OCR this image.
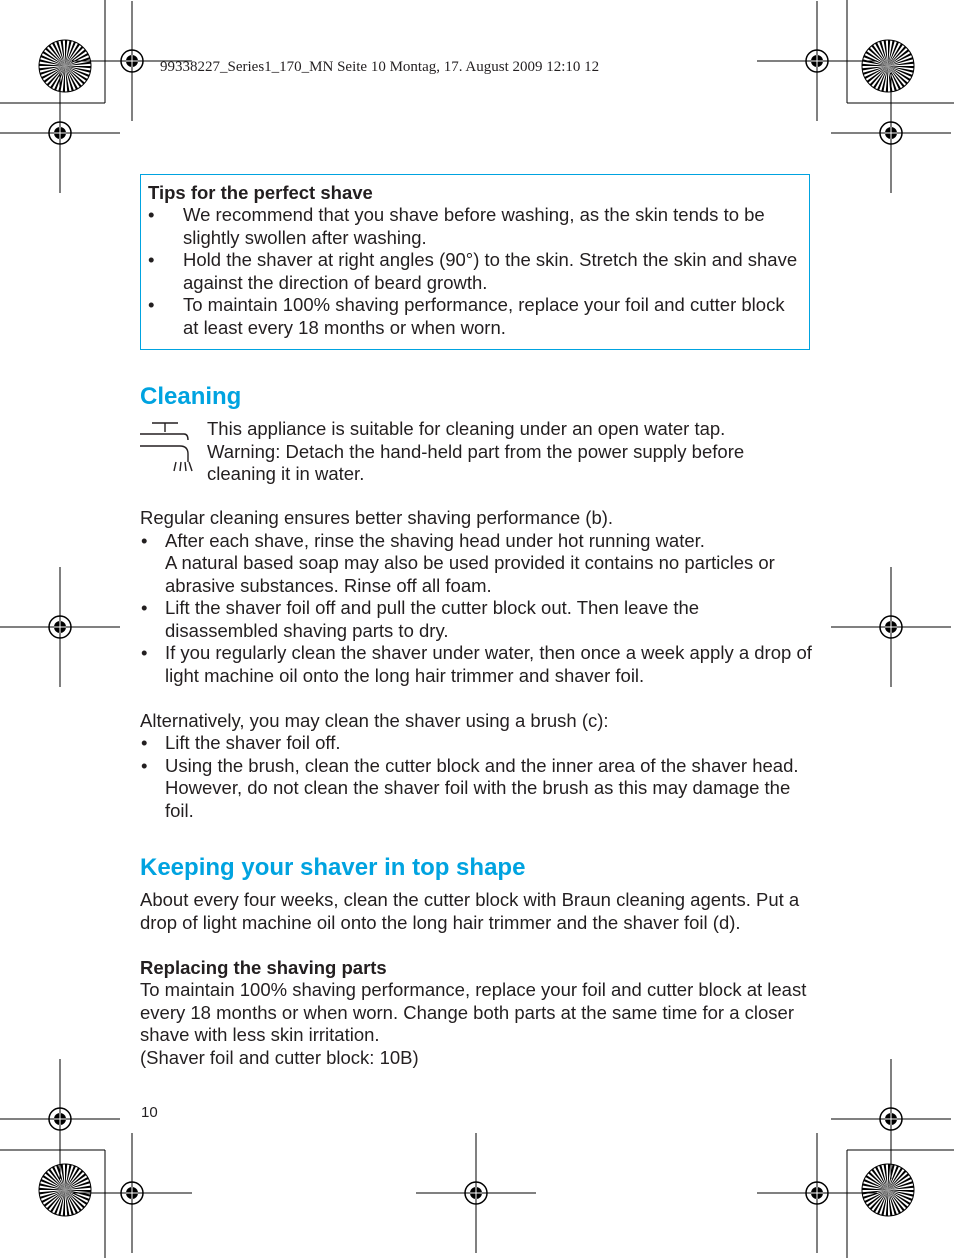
99338227_Series1_170_MN Seite 10 Montag, 17. August 2009 12:10 12
Tips for the perfect shave
• We recommend that you shave before washing, as the skin tends to be slightly swollen after washing.
• Hold the shaver at right angles (90°) to the skin. Stretch the skin and shave against the direction of beard growth.
• To maintain 100% shaving performance, replace your foil and cutter block at least every 18 months or when worn.
Cleaning
This appliance is suitable for cleaning under an open water tap.
Warning: Detach the hand-held part from the power supply before cleaning it in water.
Regular cleaning ensures better shaving performance (b).
• After each shave, rinse the shaving head under hot running water.
A natural based soap may also be used provided it contains no particles or abrasive substances. Rinse off all foam.
• Lift the shaver foil off and pull the cutter block out. Then leave the disassembled shaving parts to dry.
• If you regularly clean the shaver under water, then once a week apply a drop of light machine oil onto the long hair trimmer and shaver foil.
Alternatively, you may clean the shaver using a brush (c):
• Lift the shaver foil off.
• Using the brush, clean the cutter block and the inner area of the shaver head. However, do not clean the shaver foil with the brush as this may damage the foil.
Keeping your shaver in top shape
About every four weeks, clean the cutter block with Braun cleaning agents. Put a drop of light machine oil onto the long hair trimmer and the shaver foil (d).
Replacing the shaving parts
To maintain 100% shaving performance, replace your foil and cutter block at least every 18 months or when worn. Change both parts at the same time for a closer shave with less skin irritation.
(Shaver foil and cutter block: 10B)
10
